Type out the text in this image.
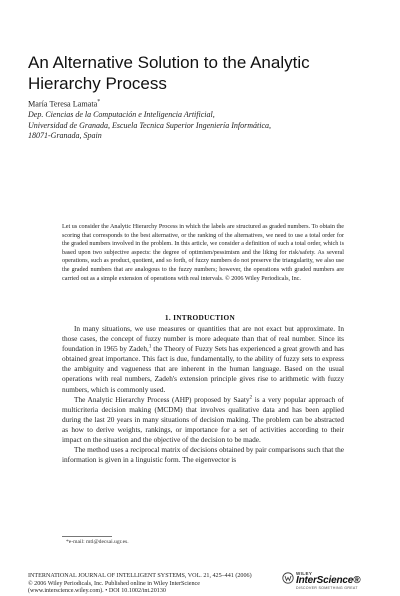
An Alternative Solution to the Analytic Hierarchy Process
María Teresa Lamata*
Dep. Ciencias de la Computación e Inteligencia Artificial,
Universidad de Granada, Escuela Tecnica Superior Ingeniería Informática,
18071-Granada, Spain
Let us consider the Analytic Hierarchy Process in which the labels are structured as graded numbers. To obtain the scoring that corresponds to the best alternative, or the ranking of the alternatives, we need to use a total order for the graded numbers involved in the problem. In this article, we consider a definition of such a total order, which is based upon two subjective aspects: the degree of optimism/pessimism and the liking for risk/safety. As several operations, such as product, quotient, and so forth, of fuzzy numbers do not preserve the triangularity, we also use the graded numbers that are analogous to the fuzzy numbers; however, the operations with graded numbers are carried out as a simple extension of operations with real intervals. © 2006 Wiley Periodicals, Inc.
1. INTRODUCTION

In many situations, we use measures or quantities that are not exact but approximate. In those cases, the concept of fuzzy number is more adequate than that of real number. Since its foundation in 1965 by Zadeh,$^1$ the Theory of Fuzzy Sets has experienced a great growth and has obtained great importance. This fact is due, fundamentally, to the ability of fuzzy sets to express the ambiguity and vagueness that are inherent in the human language. Based on the usual operations with real numbers, Zadeh's extension principle gives rise to arithmetic with fuzzy numbers, which is commonly used.

The Analytic Hierarchy Process (AHP) proposed by Saaty$^2$ is a very popular approach of multicriteria decision making (MCDM) that involves qualitative data and has been applied during the last 20 years in many situations of decision making. The problem can be abstracted as how to derive weights, rankings, or importance for a set of activities according to their impact on the situation and the objective of the decision to be made.

The method uses a reciprocal matrix of decisions obtained by pair comparisons such that the information is given in a linguistic form. The eigenvector is

*e-mail: mtl@decsai.ugr.es.
INTERNATIONAL JOURNAL OF INTELLIGENT SYSTEMS, VOL. 21, 425–441 (2006)
© 2006 Wiley Periodicals, Inc. Published online in Wiley InterScience
(www.interscience.wiley.com). • DOI 10.1002/int.20130
WILEY
InterScience®
DISCOVER SOMETHING GREAT
